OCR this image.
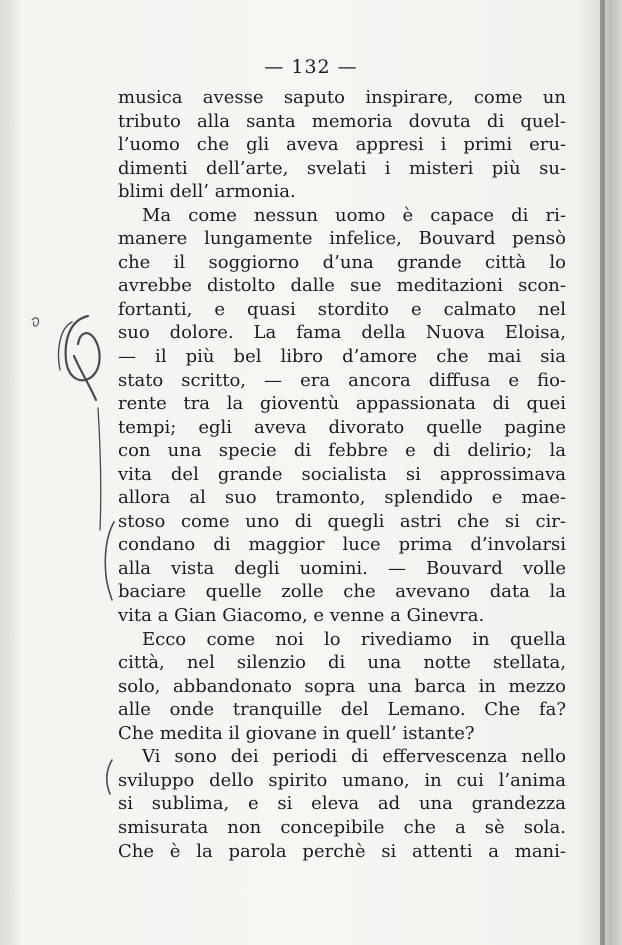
— 132 —
musica avesse saputo inspirare, come un
tributo alla santa memoria dovuta di quel-
l’uomo che gli aveva appresi i primi eru-
dimenti dell’arte, svelati i misteri più su-
blimi dell’ armonia.
Ma come nessun uomo è capace di ri-
manere lungamente infelice, Bouvard pensò
che il soggiorno d’una grande città lo
avrebbe distolto dalle sue meditazioni scon-
fortanti, e quasi stordito e calmato nel
suo dolore. La fama della Nuova Eloisa,
— il più bel libro d’amore che mai sia
stato scritto, — era ancora diffusa e fio-
rente tra la gioventù appassionata di quei
tempi; egli aveva divorato quelle pagine
con una specie di febbre e di delirio; la
vita del grande socialista si approssimava
allora al suo tramonto, splendido e mae-
stoso come uno di quegli astri che si cir-
condano di maggior luce prima d’involarsi
alla vista degli uomini. — Bouvard volle
baciare quelle zolle che avevano data la
vita a Gian Giacomo, e venne a Ginevra.
Ecco come noi lo rivediamo in quella
città, nel silenzio di una notte stellata,
solo, abbandonato sopra una barca in mezzo
alle onde tranquille del Lemano. Che fa?
Che medita il giovane in quell’ istante?
Vi sono dei periodi di effervescenza nello
sviluppo dello spirito umano, in cui l’anima
si sublima, e si eleva ad una grandezza
smisurata non concepibile che a sè sola.
Che è la parola perchè si attenti a mani-
